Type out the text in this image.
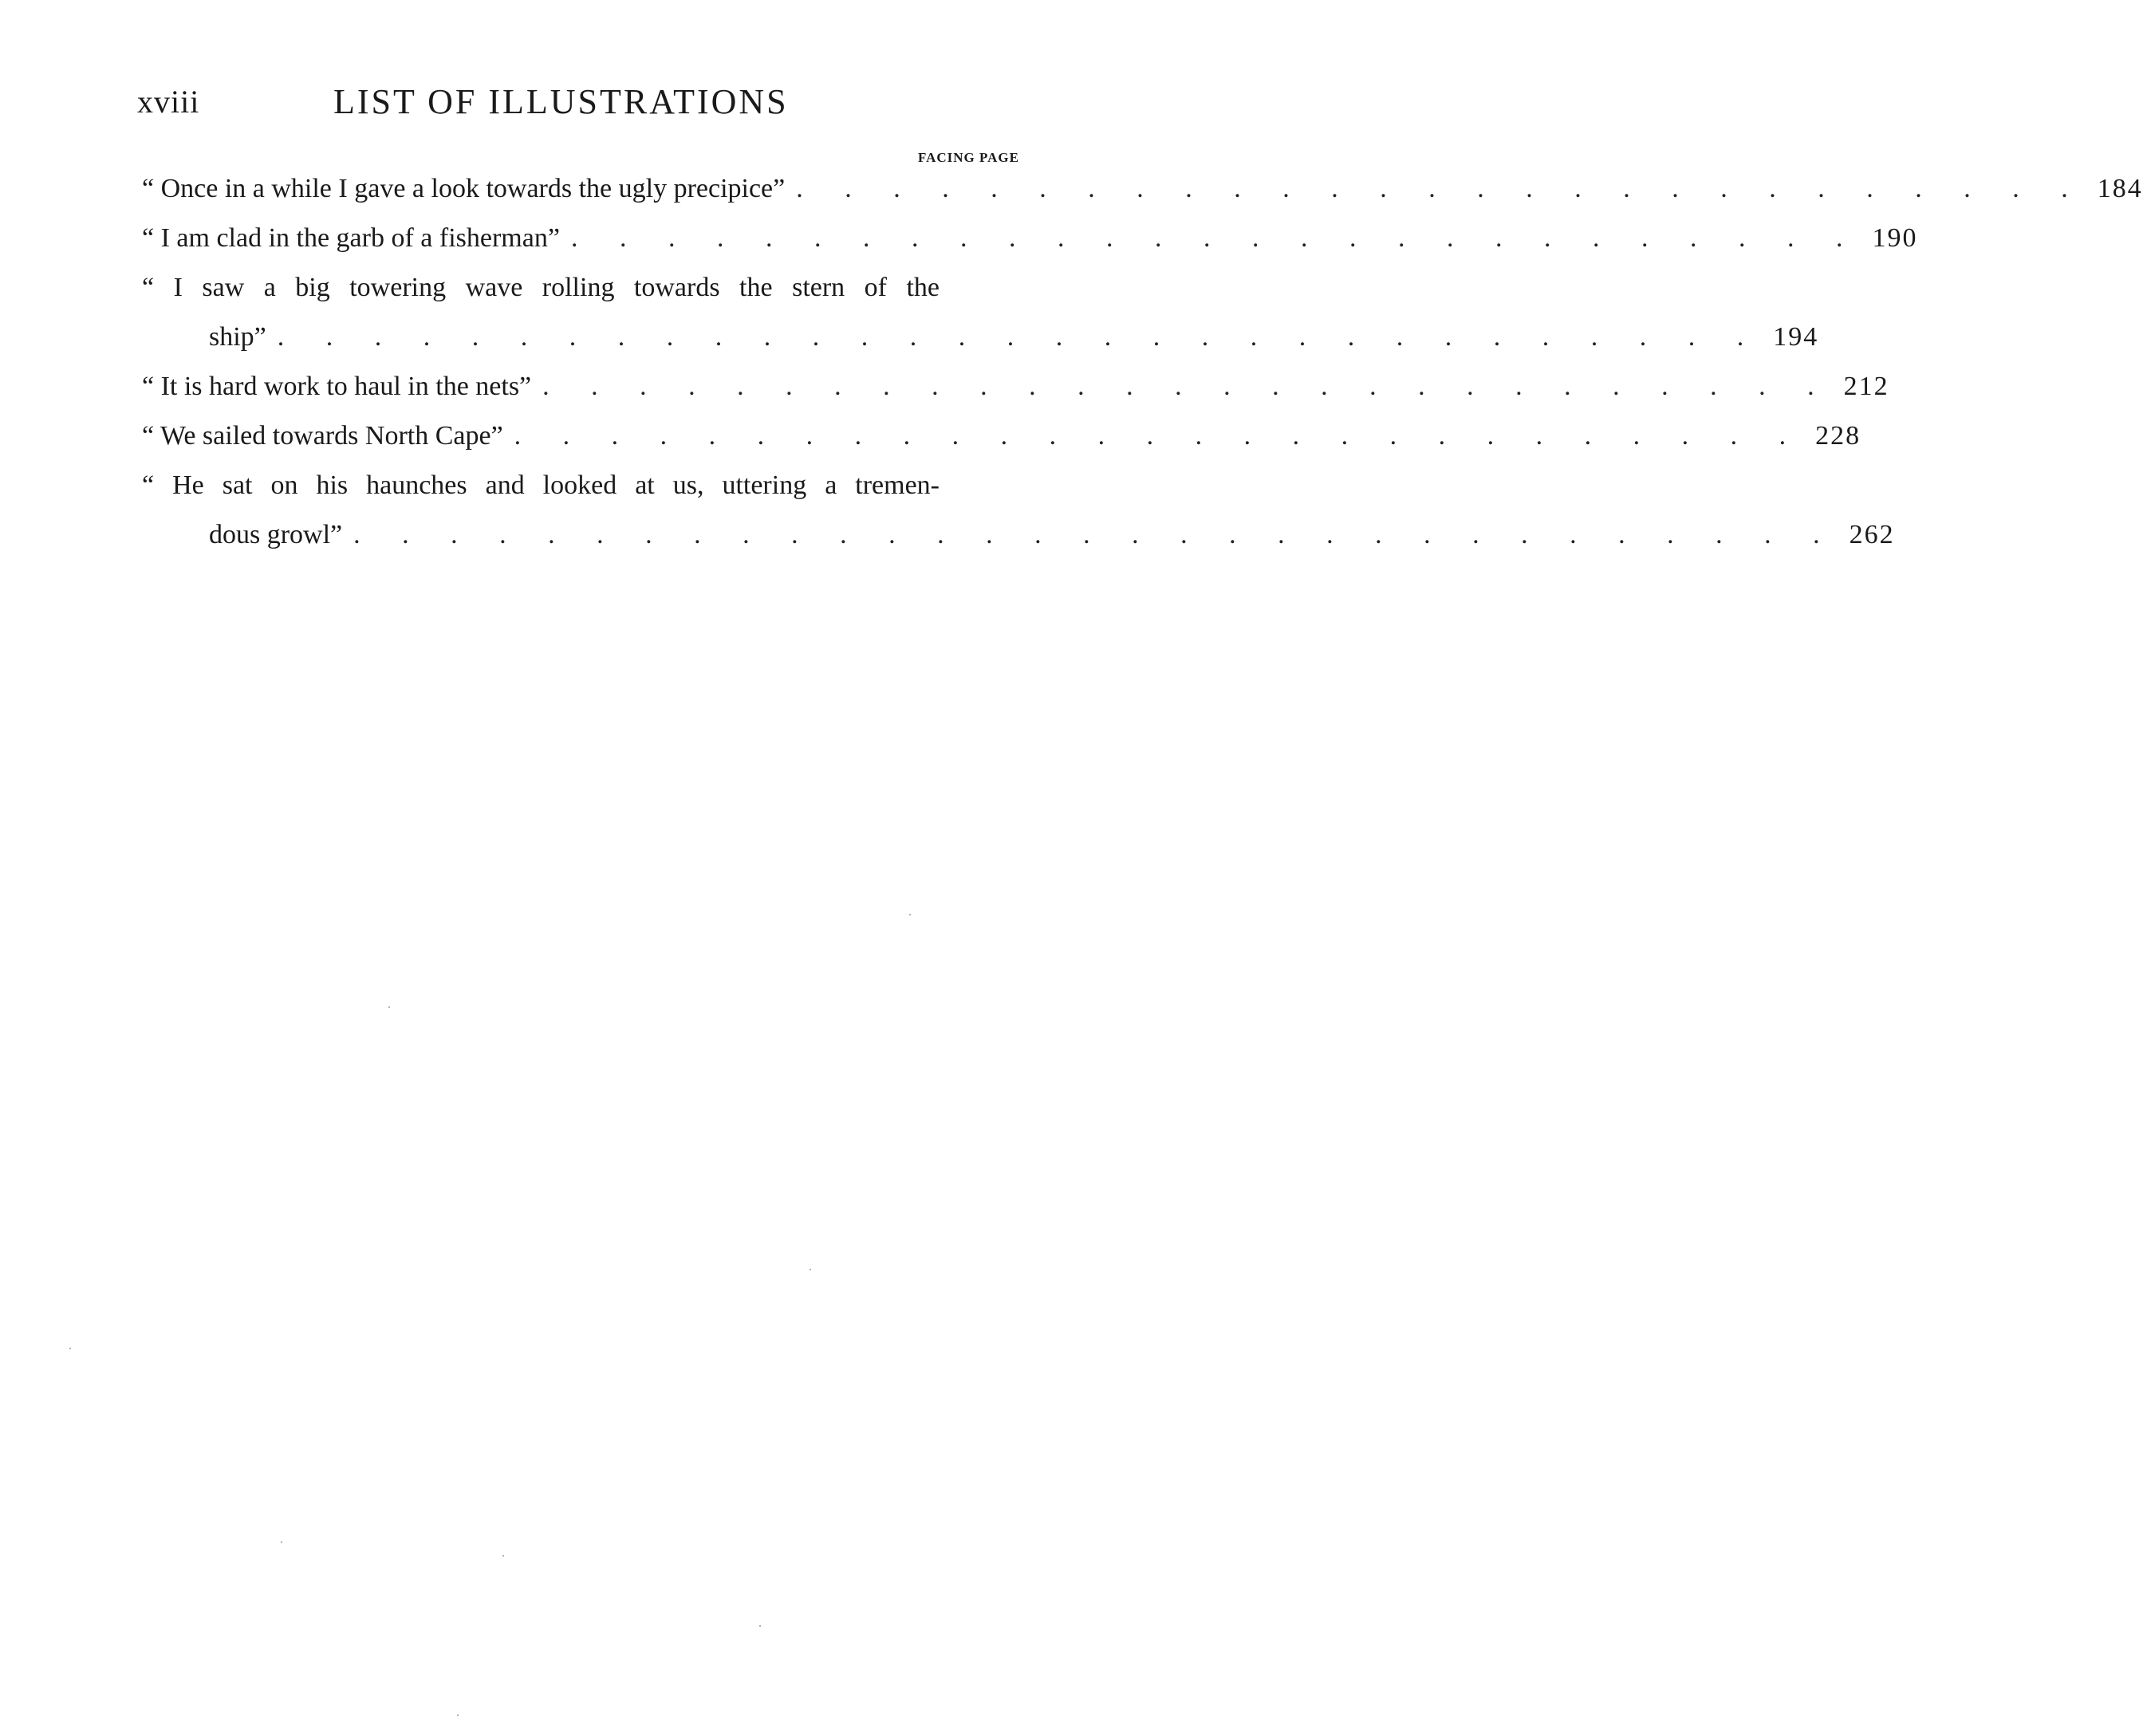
xviii	LIST OF ILLUSTRATIONS
FACING PAGE
“ Once in a while I gave a look towards the ugly precipice” . . . . . . . . . . . . . . . . . . . . . . . . . . . 184
“ I am clad in the garb of a fisherman” . . . . . . . . . . . . . . . . . . . . . . . . . . . 190
“ I saw a big towering wave rolling towards the stern of the
ship” . . . . . . . . . . . . . . . . . . . . . . . . . . . . . . . 194
“ It is hard work to haul in the nets” . . . . . . . . . . . . . . . . . . . . . . . . . . . 212
“ We sailed towards North Cape” . . . . . . . . . . . . . . . . . . . . . . . . . . . 228
“ He sat on his haunches and looked at us, uttering a tremen-
dous growl” . . . . . . . . . . . . . . . . . . . . . . . . . . . . . . . 262
